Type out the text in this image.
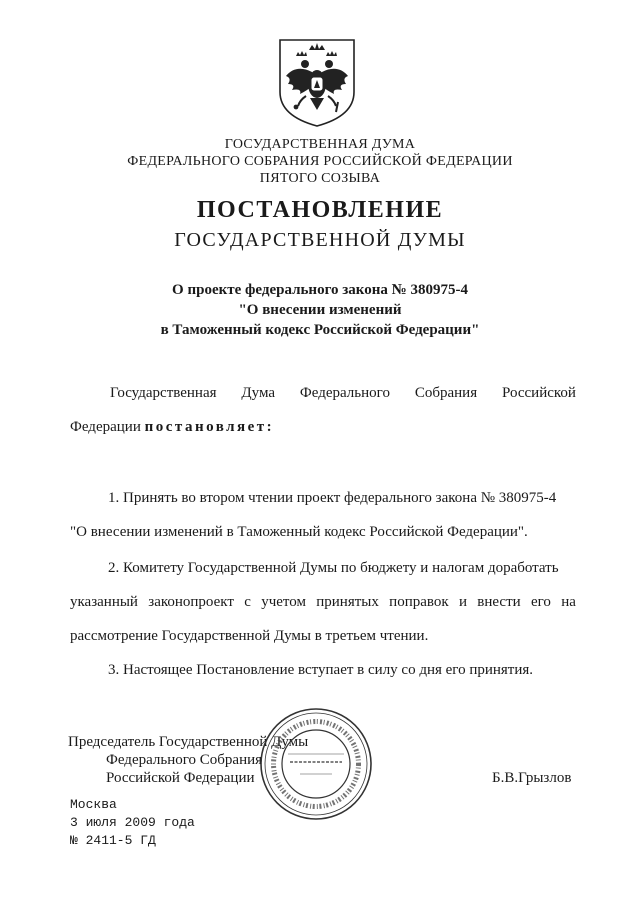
ГОСУДАРСТВЕННАЯ ДУМА
ФЕДЕРАЛЬНОГО СОБРАНИЯ РОССИЙСКОЙ ФЕДЕРАЦИИ
ПЯТОГО СОЗЫВА
ПОСТАНОВЛЕНИЕ
ГОСУДАРСТВЕННОЙ ДУМЫ
О проекте федерального закона № 380975-4
"О внесении изменений
в Таможенный кодекс Российской Федерации"
Государственная Дума Федерального Собрания Российской
Федерации постановляет:
1. Принять во втором чтении проект федерального закона № 380975-4
"О внесении изменений в Таможенный кодекс Российской Федерации".
2. Комитету Государственной Думы по бюджету и налогам доработать
указанный законопроект с учетом принятых поправок и внести его на
рассмотрение Государственной Думы в третьем чтении.
3. Настоящее Постановление вступает в силу со дня его принятия.
Председатель Государственной Думы
Федерального Собрания
Российской Федерации	Б.В.Грызлов
Москва
3 июля 2009 года
№ 2411-5 ГД
